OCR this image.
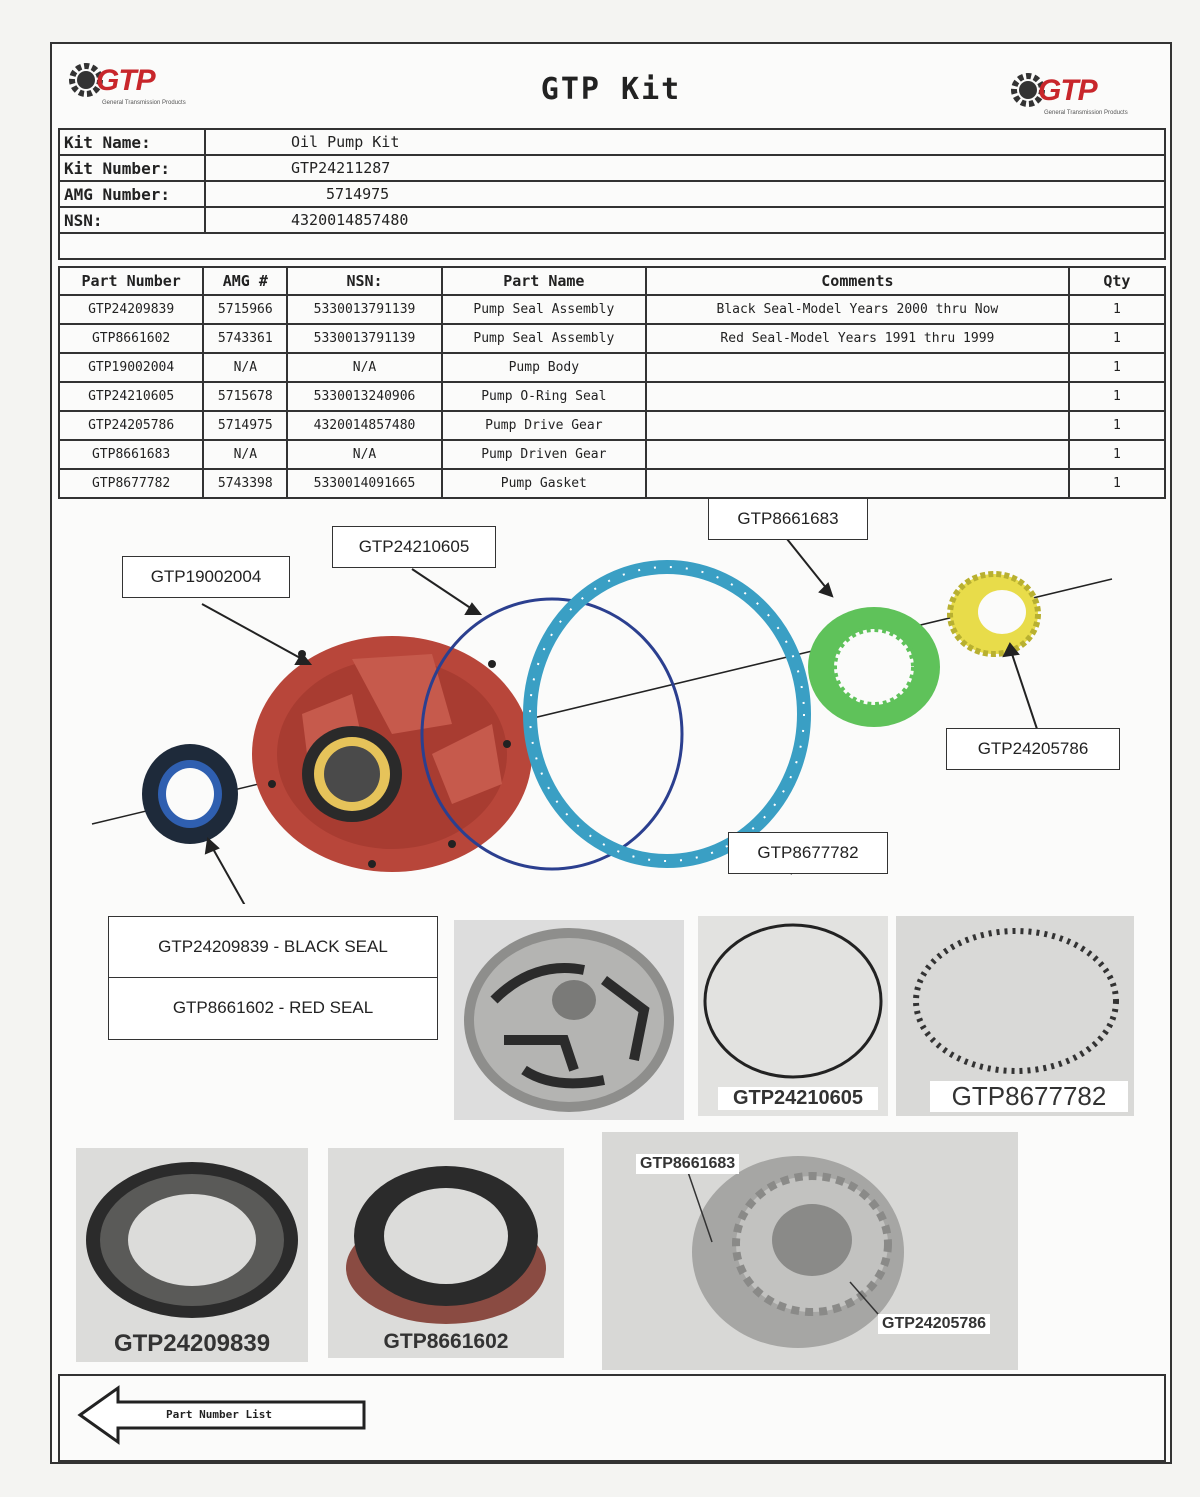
GTP
General Transmission Products	GTP
General Transmission Products
GTP Kit
Kit Name:	Oil Pump Kit
Kit Number:	GTP24211287
AMG Number:	5714975
NSN:	4320014857480

Part Number	AMG #	NSN:	Part Name	Comments	Qty
GTP24209839	5715966	5330013791139	Pump Seal Assembly	Black Seal-Model Years 2000 thru Now	1
GTP8661602	5743361	5330013791139	Pump Seal Assembly	Red Seal-Model Years 1991 thru 1999	1
GTP19002004	N/A	N/A	Pump Body		1
GTP24210605	5715678	5330013240906	Pump O-Ring Seal		1
GTP24205786	5714975	4320014857480	Pump Drive Gear		1
GTP8661683	N/A	N/A	Pump Driven Gear		1
GTP8677782	5743398	5330014091665	Pump Gasket		1
GTP19002004
GTP24210605
GTP8661683
GTP24205786
GTP8677782
GTP24209839 - BLACK SEAL
GTP8661602 - RED SEAL
GTP24210605	GTP8677782
GTP24209839	GTP8661602
GTP8661683
GTP24205786
Part Number List
